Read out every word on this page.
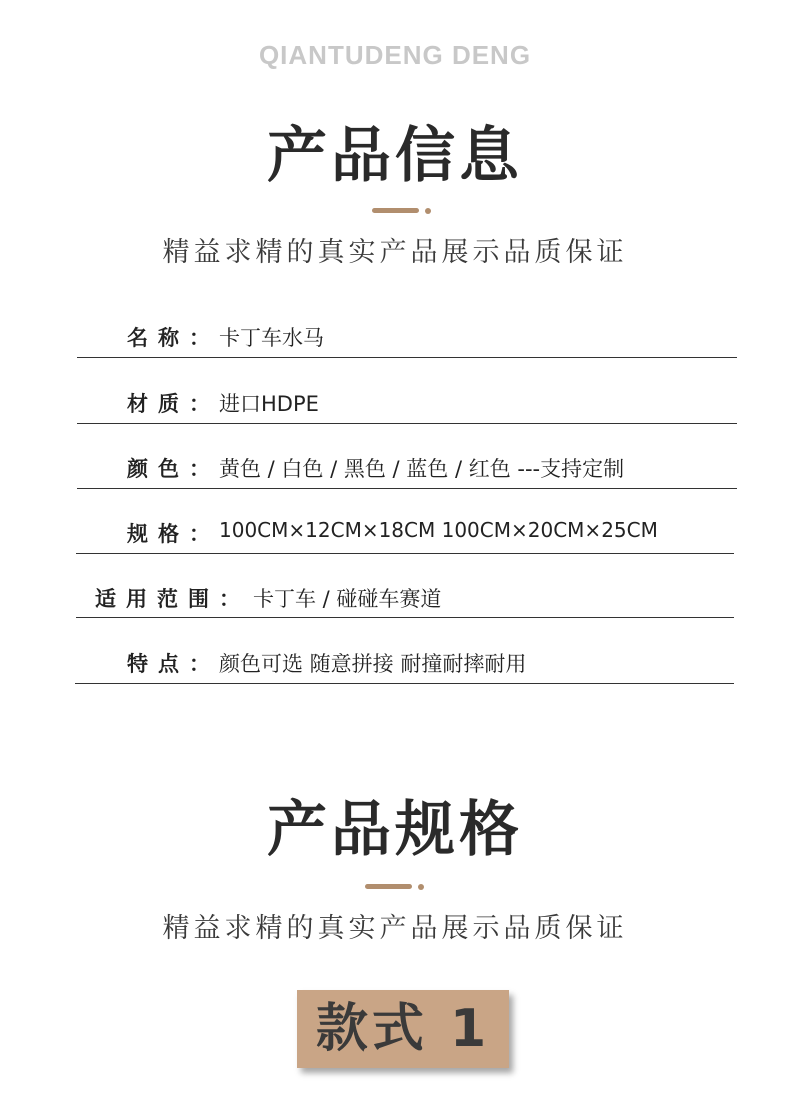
QIANTUDENG DENG
产品信息
精益求精的真实产品展示品质保证
名称： 卡丁车水马
材质： 进口HDPE
颜色： 黄色 / 白色 / 黑色 / 蓝色 / 红色 ---支持定制
规格： 100CM×12CM×18CM 100CM×20CM×25CM
适用范围： 卡丁车 / 碰碰车赛道
特点： 颜色可选 随意拼接 耐撞耐摔耐用
产品规格
精益求精的真实产品展示品质保证
款式 1
